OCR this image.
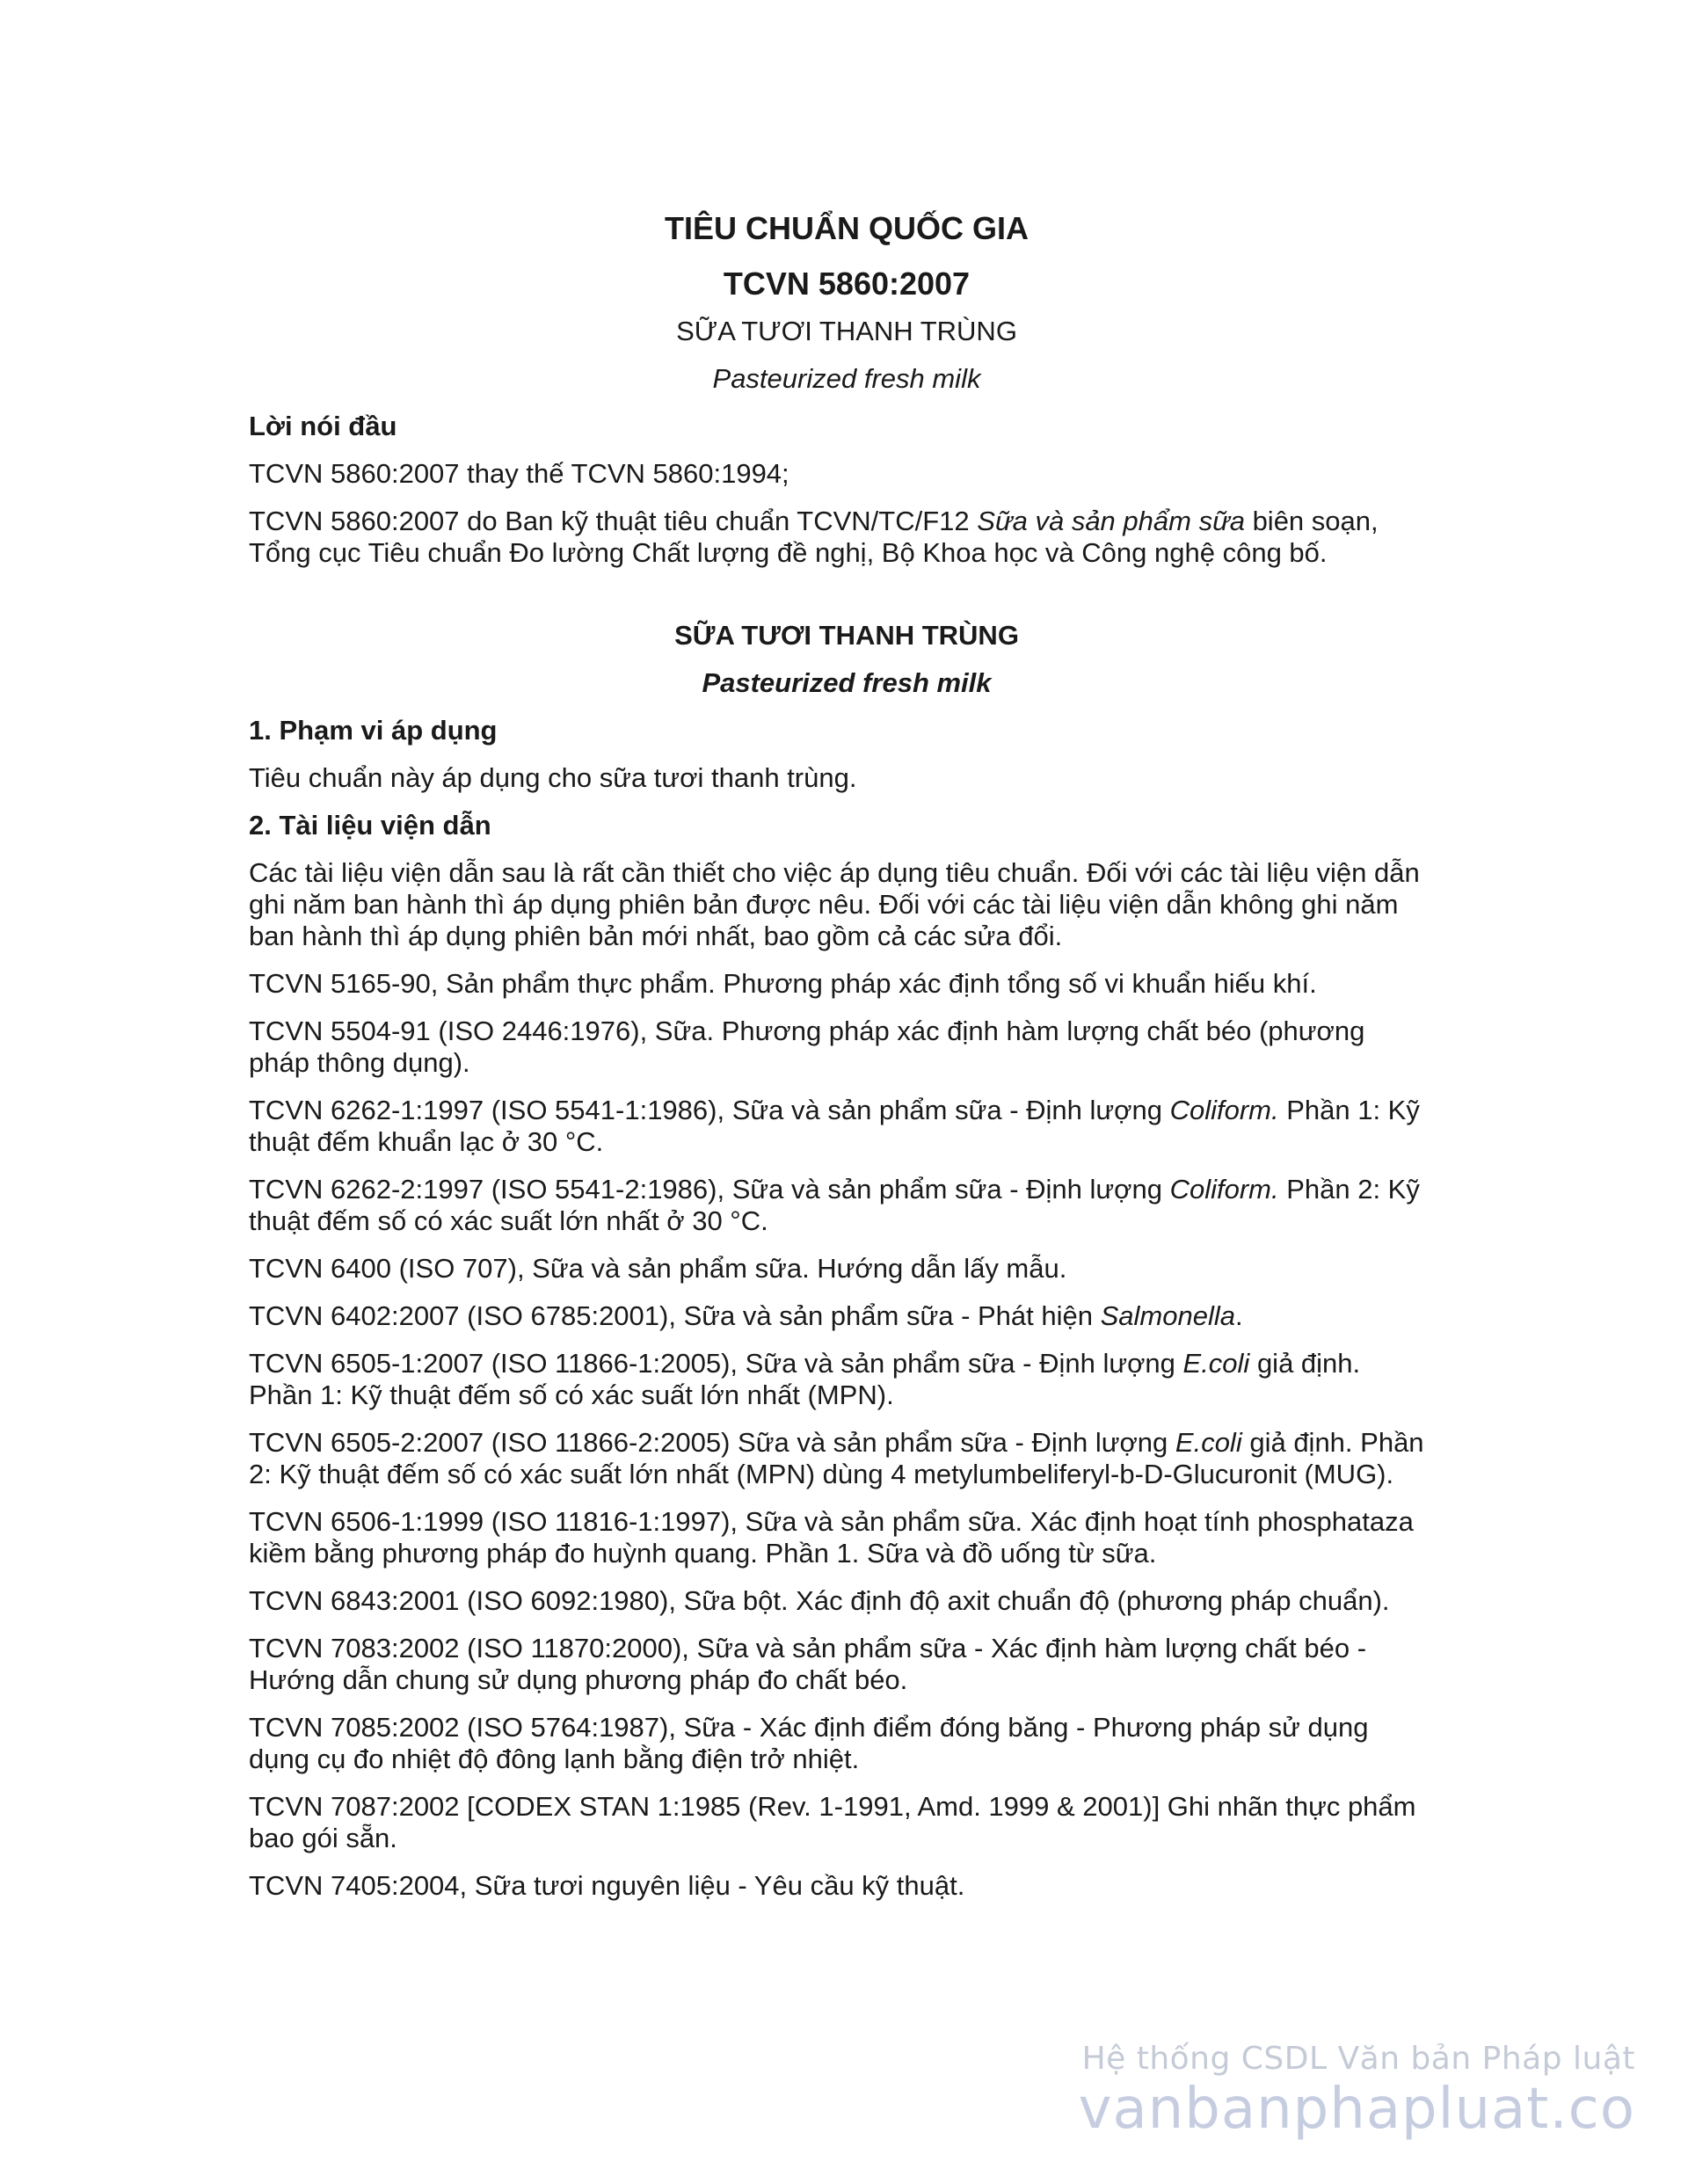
TIÊU CHUẨN QUỐC GIA
TCVN 5860:2007
SỮA TƯƠI THANH TRÙNG
Pasteurized fresh milk
Lời nói đầu
TCVN 5860:2007 thay thế TCVN 5860:1994;
TCVN 5860:2007 do Ban kỹ thuật tiêu chuẩn TCVN/TC/F12 Sữa và sản phẩm sữa biên soạn,
Tổng cục Tiêu chuẩn Đo lường Chất lượng đề nghị, Bộ Khoa học và Công nghệ công bố.
SỮA TƯƠI THANH TRÙNG
Pasteurized fresh milk
1. Phạm vi áp dụng
Tiêu chuẩn này áp dụng cho sữa tươi thanh trùng.
2. Tài liệu viện dẫn
Các tài liệu viện dẫn sau là rất cần thiết cho việc áp dụng tiêu chuẩn. Đối với các tài liệu viện dẫn
ghi năm ban hành thì áp dụng phiên bản được nêu. Đối với các tài liệu viện dẫn không ghi năm
ban hành thì áp dụng phiên bản mới nhất, bao gồm cả các sửa đổi.
TCVN 5165-90, Sản phẩm thực phẩm. Phương pháp xác định tổng số vi khuẩn hiếu khí.
TCVN 5504-91 (ISO 2446:1976), Sữa. Phương pháp xác định hàm lượng chất béo (phương
pháp thông dụng).
TCVN 6262-1:1997 (ISO 5541-1:1986), Sữa và sản phẩm sữa - Định lượng Coliform. Phần 1: Kỹ
thuật đếm khuẩn lạc ở 30 °C.
TCVN 6262-2:1997 (ISO 5541-2:1986), Sữa và sản phẩm sữa - Định lượng Coliform. Phần 2: Kỹ
thuật đếm số có xác suất lớn nhất ở 30 °C.
TCVN 6400 (ISO 707), Sữa và sản phẩm sữa. Hướng dẫn lấy mẫu.
TCVN 6402:2007 (ISO 6785:2001), Sữa và sản phẩm sữa - Phát hiện Salmonella.
TCVN 6505-1:2007 (ISO 11866-1:2005), Sữa và sản phẩm sữa - Định lượng E.coli giả định.
Phần 1: Kỹ thuật đếm số có xác suất lớn nhất (MPN).
TCVN 6505-2:2007 (ISO 11866-2:2005) Sữa và sản phẩm sữa - Định lượng E.coli giả định. Phần
2: Kỹ thuật đếm số có xác suất lớn nhất (MPN) dùng 4 metylumbeliferyl-b-D-Glucuronit (MUG).
TCVN 6506-1:1999 (ISO 11816-1:1997), Sữa và sản phẩm sữa. Xác định hoạt tính phosphataza
kiềm bằng phương pháp đo huỳnh quang. Phần 1. Sữa và đồ uống từ sữa.
TCVN 6843:2001 (ISO 6092:1980), Sữa bột. Xác định độ axit chuẩn độ (phương pháp chuẩn).
TCVN 7083:2002 (ISO 11870:2000), Sữa và sản phẩm sữa - Xác định hàm lượng chất béo -
Hướng dẫn chung sử dụng phương pháp đo chất béo.
TCVN 7085:2002 (ISO 5764:1987), Sữa - Xác định điểm đóng băng - Phương pháp sử dụng
dụng cụ đo nhiệt độ đông lạnh bằng điện trở nhiệt.
TCVN 7087:2002 [CODEX STAN 1:1985 (Rev. 1-1991, Amd. 1999 & 2001)] Ghi nhãn thực phẩm
bao gói sẵn.
TCVN 7405:2004, Sữa tươi nguyên liệu - Yêu cầu kỹ thuật.
Hệ thống CSDL Văn bản Pháp luật
vanbanphapluat.co
